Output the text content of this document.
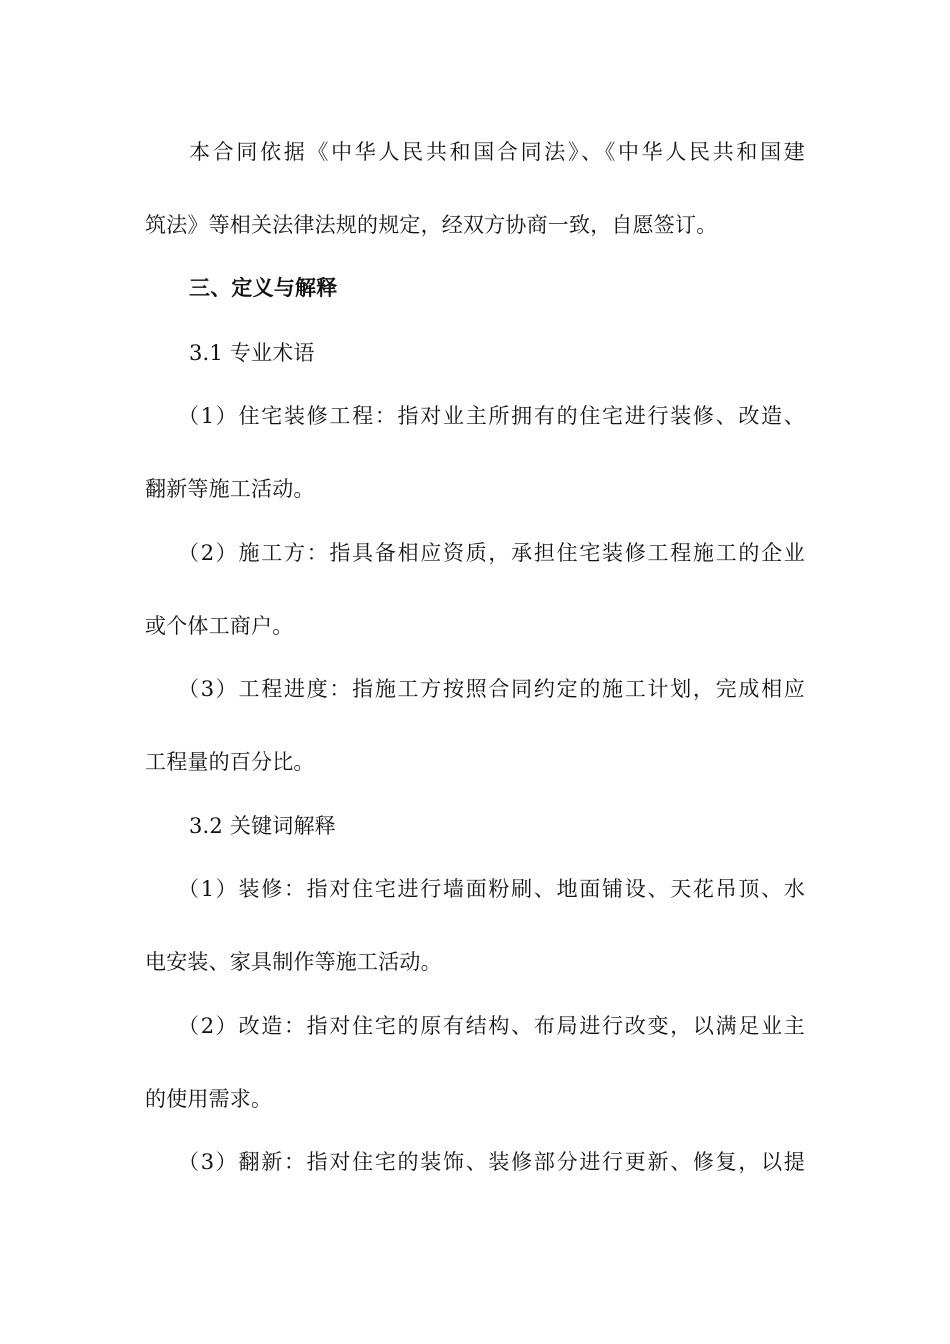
本合同依据《中华人民共和国合同法》、《中华人民共和国建
筑法》等相关法律法规的规定，经双方协商一致，自愿签订。
三、定义与解释
3.1 专业术语
（1）住宅装修工程：指对业主所拥有的住宅进行装修、改造、
翻新等施工活动。
（2）施工方：指具备相应资质，承担住宅装修工程施工的企业
或个体工商户。
（3）工程进度：指施工方按照合同约定的施工计划，完成相应
工程量的百分比。
3.2 关键词解释
（1）装修：指对住宅进行墙面粉刷、地面铺设、天花吊顶、水
电安装、家具制作等施工活动。
（2）改造：指对住宅的原有结构、布局进行改变，以满足业主
的使用需求。
（3）翻新：指对住宅的装饰、装修部分进行更新、修复，以提
